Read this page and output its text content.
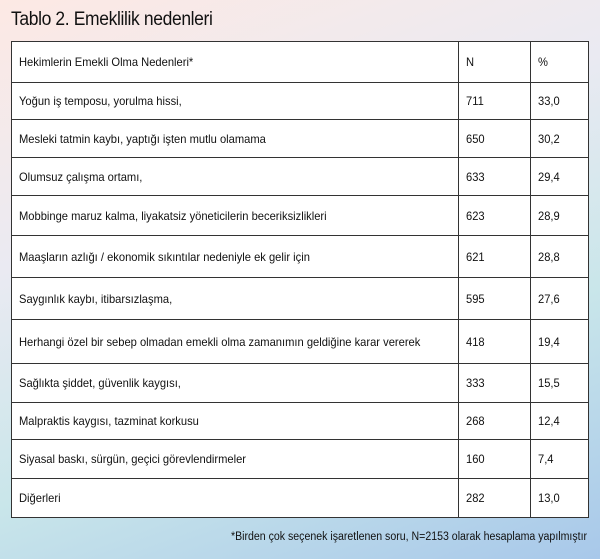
Tablo 2. Emeklilik nedenleri
Hekimlerin Emekli Olma Nedenleri*	N	%
Yoğun iş temposu, yorulma hissi,	711	33,0
Mesleki tatmin kaybı, yaptığı işten mutlu olamama	650	30,2
Olumsuz çalışma ortamı,	633	29,4
Mobbinge maruz kalma, liyakatsiz yöneticilerin beceriksizlikleri	623	28,9
Maaşların azlığı / ekonomik sıkıntılar nedeniyle ek gelir için	621	28,8
Saygınlık kaybı, itibarsızlaşma,	595	27,6
Herhangi özel bir sebep olmadan emekli olma zamanımın geldiğine karar vererek	418	19,4
Sağlıkta şiddet, güvenlik kaygısı,	333	15,5
Malpraktis kaygısı, tazminat korkusu	268	12,4
Siyasal baskı, sürgün, geçici görevlendirmeler	160	7,4
Diğerleri	282	13,0
*Birden çok seçenek işaretlenen soru, N=2153 olarak hesaplama yapılmıştır
